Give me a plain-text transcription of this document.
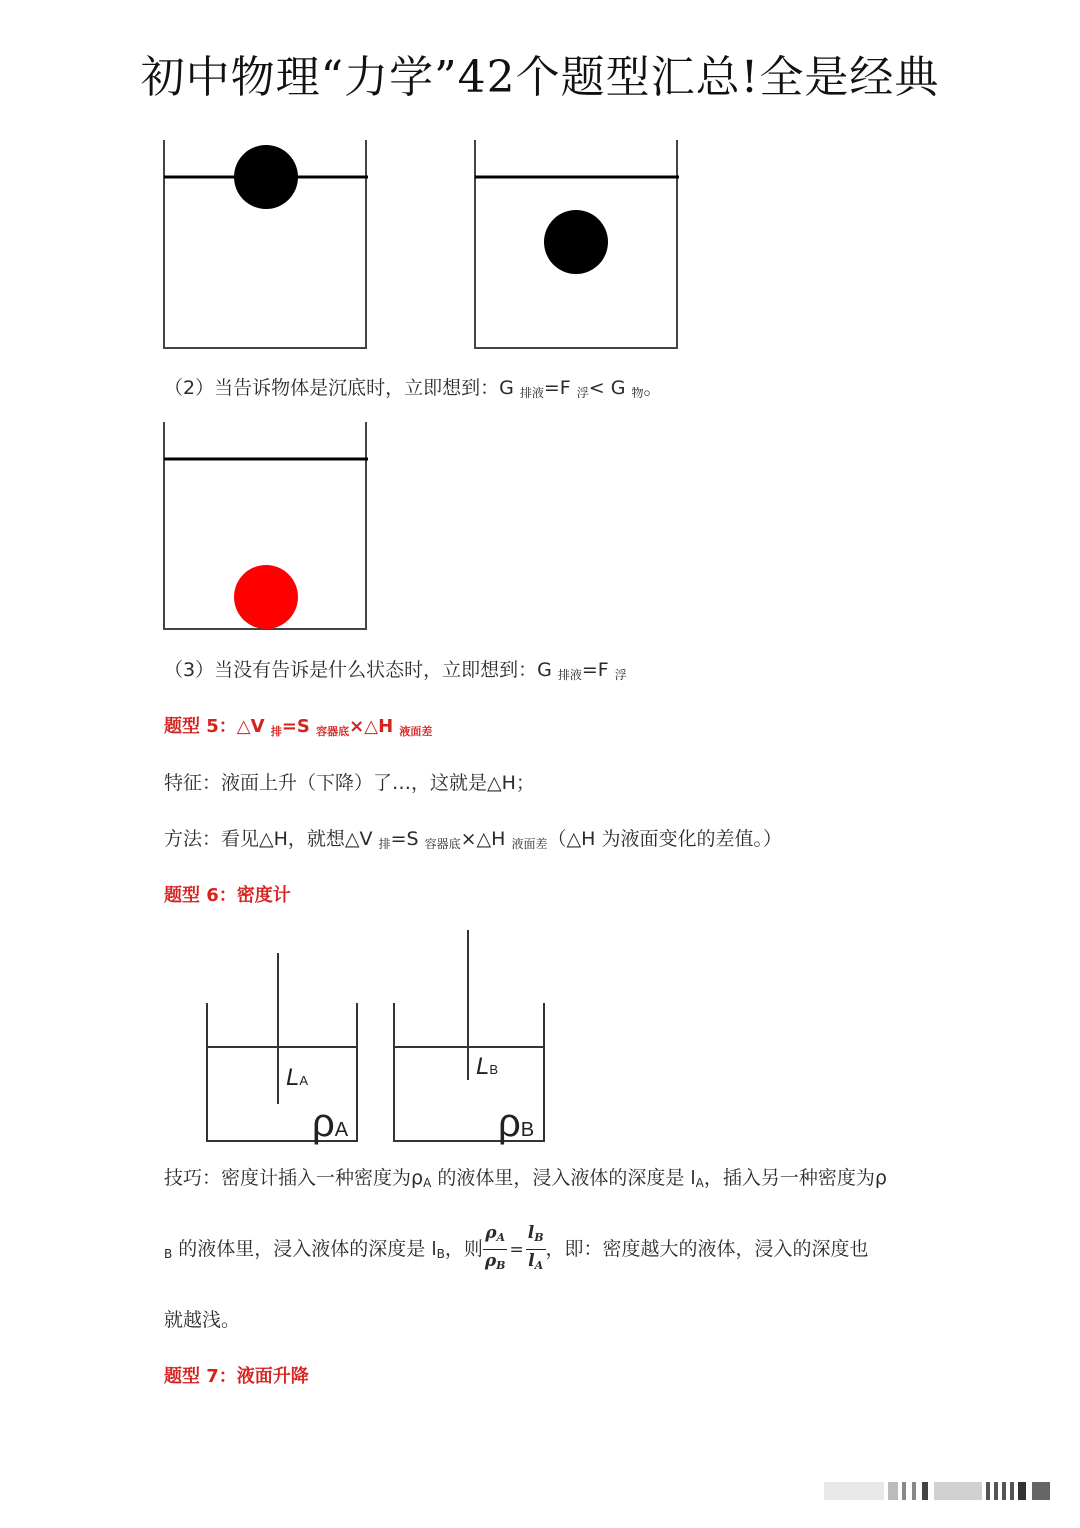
初中物理“力学”42个题型汇总!全是经典
LA
LB
ρA	ρB
（2）当告诉物体是沉底时，立即想到：G $_{排液}$=F $_浮$< G $_物$。
（3）当没有告诉是什么状态时，立即想到：G $_{排液}$=F $_浮$
题型 5：△V $_排$=S $_{容器底}$×△H $_{液面差}$
特征：液面上升（下降）了…，这就是△H；
方法：看见△H，就想△V $_排$=S $_{容器底}$×△H $_{液面差}$（△H 为液面变化的差值。）
题型 6：密度计
技巧：密度计插入一种密度为$\rho_A$ 的液体里，浸入液体的深度是 $l_A$，插入另一种密度为ρ
$_B$ 的液体里，浸入液体的深度是 $l_B$，则 $\frac{\rho_A}{\rho_B} = \frac{l_B}{l_A}$ ，即：密度越大的液体，浸入的深度也
就越浅。
题型 7：液面升降
